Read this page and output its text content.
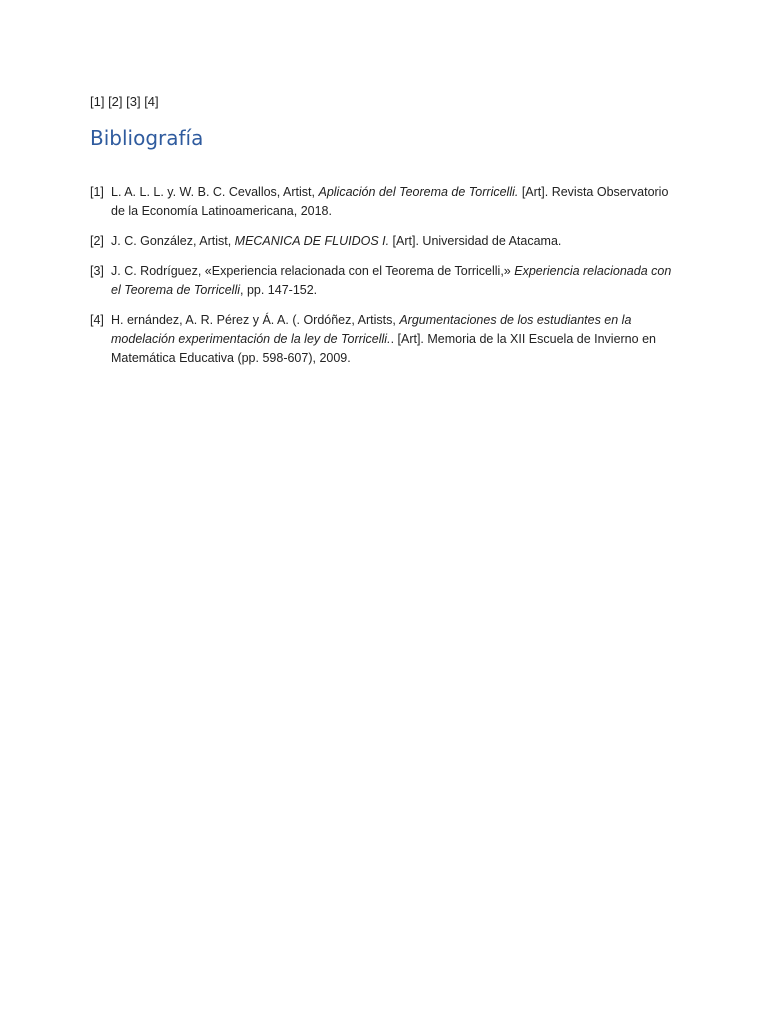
[1] [2] [3] [4]
Bibliografía
[1] L. A. L. L. y. W. B. C. Cevallos, Artist, Aplicación del Teorema de Torricelli. [Art]. Revista Observatorio de la Economía Latinoamericana, 2018.
[2] J. C. González, Artist, MECANICA DE FLUIDOS I. [Art]. Universidad de Atacama.
[3] J. C. Rodríguez, «Experiencia relacionada con el Teorema de Torricelli,» Experiencia relacionada con el Teorema de Torricelli, pp. 147-152.
[4] H. ernández, A. R. Pérez y Á. A. (. Ordóñez, Artists, Argumentaciones de los estudiantes en la modelación experimentación de la ley de Torricelli.. [Art]. Memoria de la XII Escuela de Invierno en Matemática Educativa (pp. 598-607), 2009.
